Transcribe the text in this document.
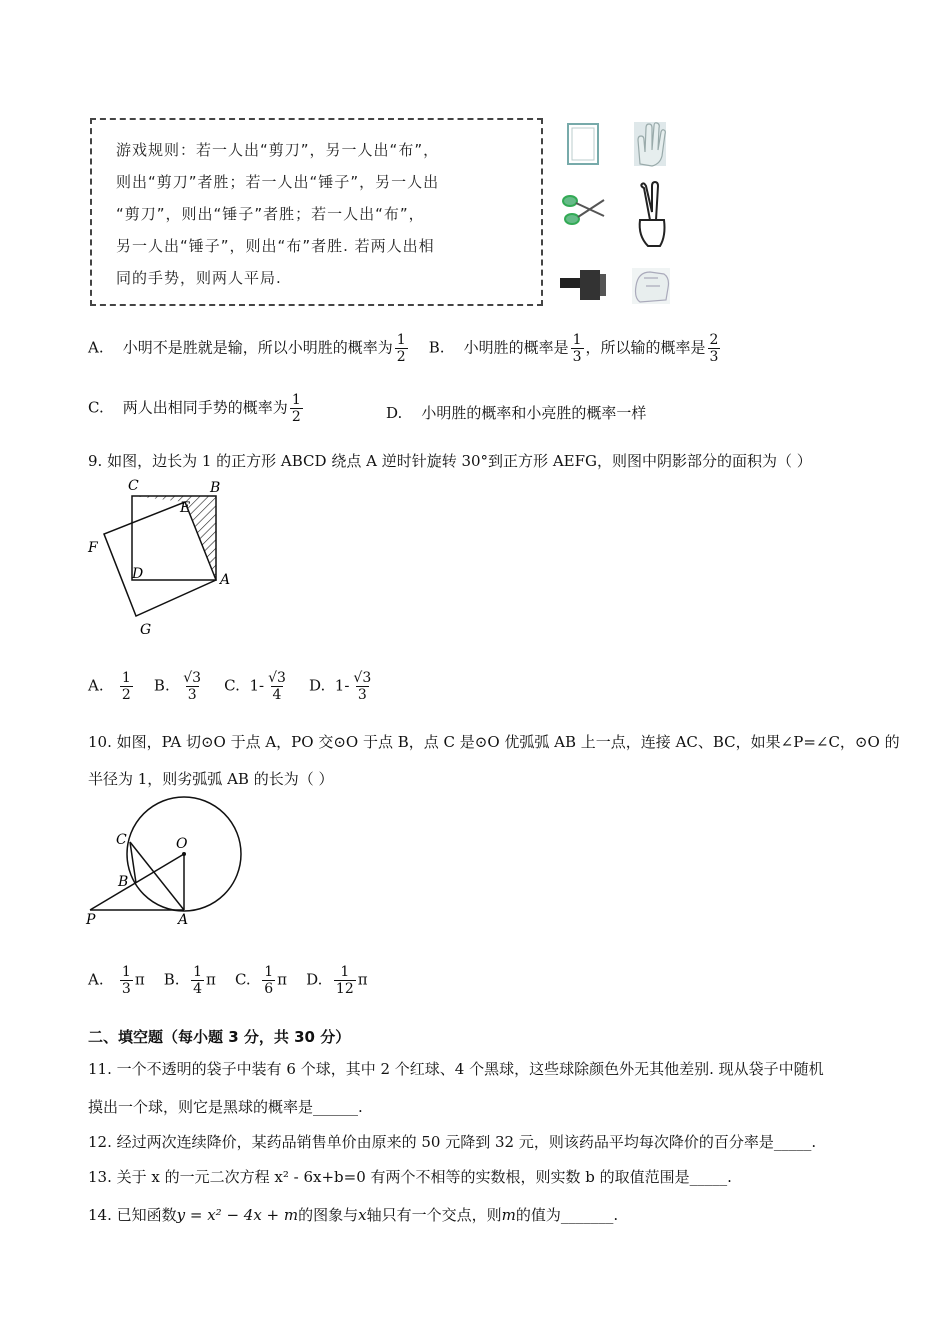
游戏规则：若一人出“剪刀”，另一人出“布”，
则出“剪刀”者胜；若一人出“锤子”，另一人出
“剪刀”，则出“锤子”者胜；若一人出“布”，
另一人出“锤子”，则出“布”者胜. 若两人出相
同的手势，则两人平局.
A. 小明不是胜就是输，所以小明胜的概率为 $\frac{1}{2} B$. 小明胜的概率是 $\frac{1}{3}$ ，所以输的概率是 $\frac{2}{3}$
C. 两人出相同手势的概率为 $\frac{1}{2}$	D. 小明胜的概率和小亮胜的概率一样
9. 如图，边长为 1 的正方形 ABCD 绕点 A 逆时针旋转 30°到正方形 AEFG，则图中阴影部分的面积为（ ）
C	B
E
F
D	A
G
A. $\frac{1}{2} B$. $\frac{√3}{3} C$. $1- \frac{√3}{4} D$. $1- \frac{√3}{3}$
10. 如图，PA 切⊙O 于点 A，PO 交⊙O 于点 B，点 C 是⊙O 优弧弧 AB 上一点，连接 AC、BC，如果∠P=∠C，⊙O 的
半径为 1，则劣弧弧 AB 的长为（ ）
C	O
B
P	A
A. $\frac{1}{3}$ π B. $\frac{1}{4}$ π C. $\frac{1}{6}$ π D. $\frac{1}{12}$ π
二、填空题（每小题 3 分，共 30 分）
11. 一个不透明的袋子中装有 6 个球，其中 2 个红球、4 个黑球，这些球除颜色外无其他差别. 现从袋子中随机
摸出一个球，则它是黑球的概率是______.
12. 经过两次连续降价，某药品销售单价由原来的 50 元降到 32 元，则该药品平均每次降价的百分率是_____.
13. 关于 x 的一元二次方程 x² - 6x+b=0 有两个不相等的实数根，则实数 b 的取值范围是_____.
14. 已知函数y = x² − 4x + m的图象与x轴只有一个交点，则m的值为_______.
